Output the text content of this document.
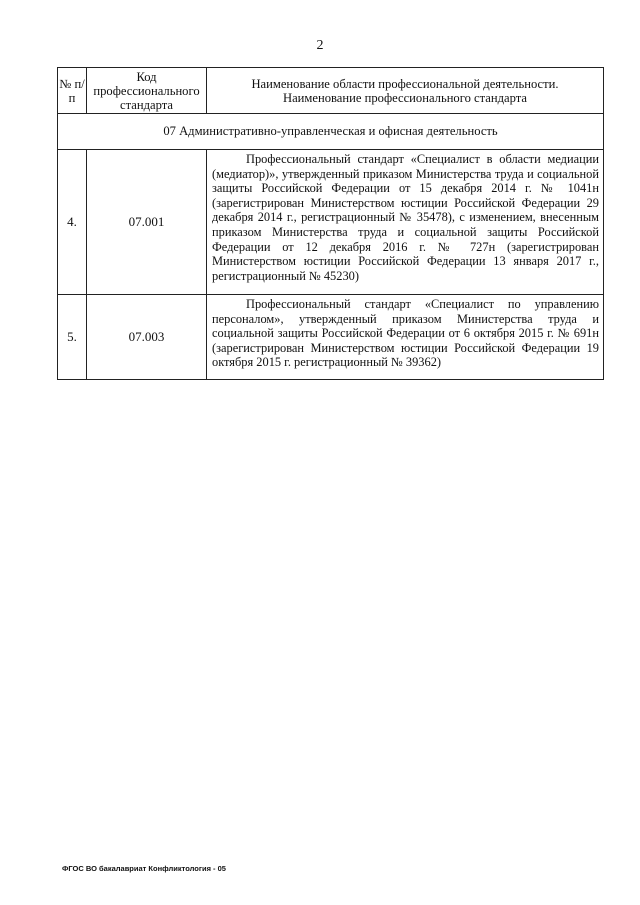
2
№ п/п	Код профессионального стандарта	Наименование области профессиональной деятельности.
Наименование профессионального стандарта

07 Административно-управленческая и офисная деятельность		
4.	07.001	Профессиональный стандарт «Специалист в области медиации (медиатор)», утвержденный приказом Министерства труда и социальной защиты Российской Федерации от 15 декабря 2014 г. № 1041н (зарегистрирован Министерством юстиции Российской Федерации 29 декабря 2014 г., регистрационный № 35478), с изменением, внесенным приказом Министерства труда и социальной защиты Российской Федерации от 12 декабря 2016 г. № 727н (зарегистрирован Министерством юстиции Российской Федерации 13 января 2017 г., регистрационный № 45230)

5.	07.003	Профессиональный стандарт «Специалист по управлению персоналом», утвержденный приказом Министерства труда и социальной защиты Российской Федерации от 6 октября 2015 г. № 691н (зарегистрирован Министерством юстиции Российской Федерации 19 октября 2015 г. регистрационный № 39362)

ФГОС ВО бакалавриат Конфликтология - 05
